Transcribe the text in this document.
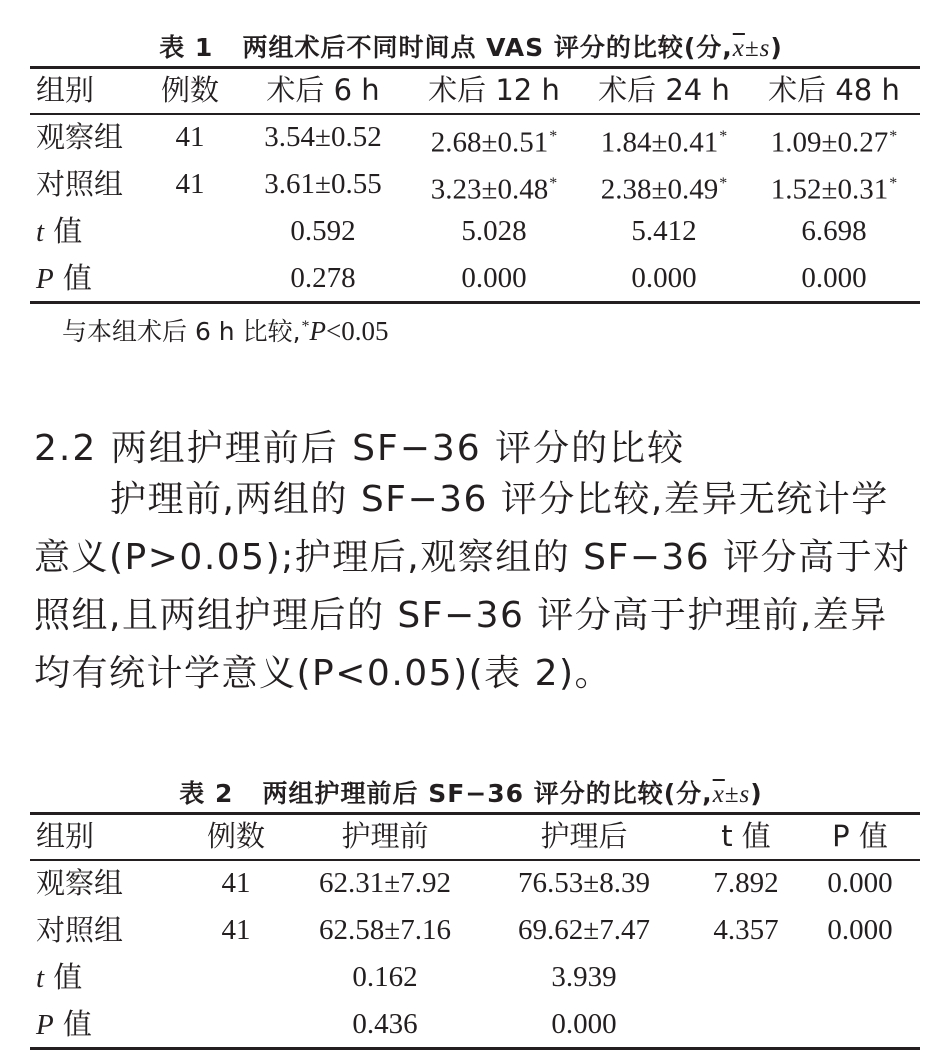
表 1 两组术后不同时间点 VAS 评分的比较(分$,\overline{x}\pm s$)
组别 例数 术后 6 h 术后 12 h 术后 24 h 术后 48 h
观察组 41 3.54±0.52 2.68±0.51* 1.84±0.41* 1.09±0.27*
对照组 41 3.61±0.55 3.23±0.48* 2.38±0.49* 1.52±0.31*
t 值	0.592	5.028	5.412	6.698
P 值	0.278	0.000	0.000	0.000
与本组术后 6 h 比较,*P<0.05
2.2 两组护理前后 SF−36 评分的比较
护理前,两组的 SF−36 评分比较,差异无统计学
意义(P>0.05);护理后,观察组的 SF−36 评分高于对
照组,且两组护理后的 SF−36 评分高于护理前,差异
均有统计学意义(P<0.05)(表 2)。
表 2 两组护理前后 SF−36 评分的比较(分$,\overline{x}\pm s$)
组别	例数	护理前	护理后	t 值 P 值
观察组	41 62.31±7.92 76.53±8.39 7.892 0.000
对照组	41 62.58±7.16 69.62±7.47 4.357 0.000
t 值	0.162	3.939
P 值	0.436	0.000
